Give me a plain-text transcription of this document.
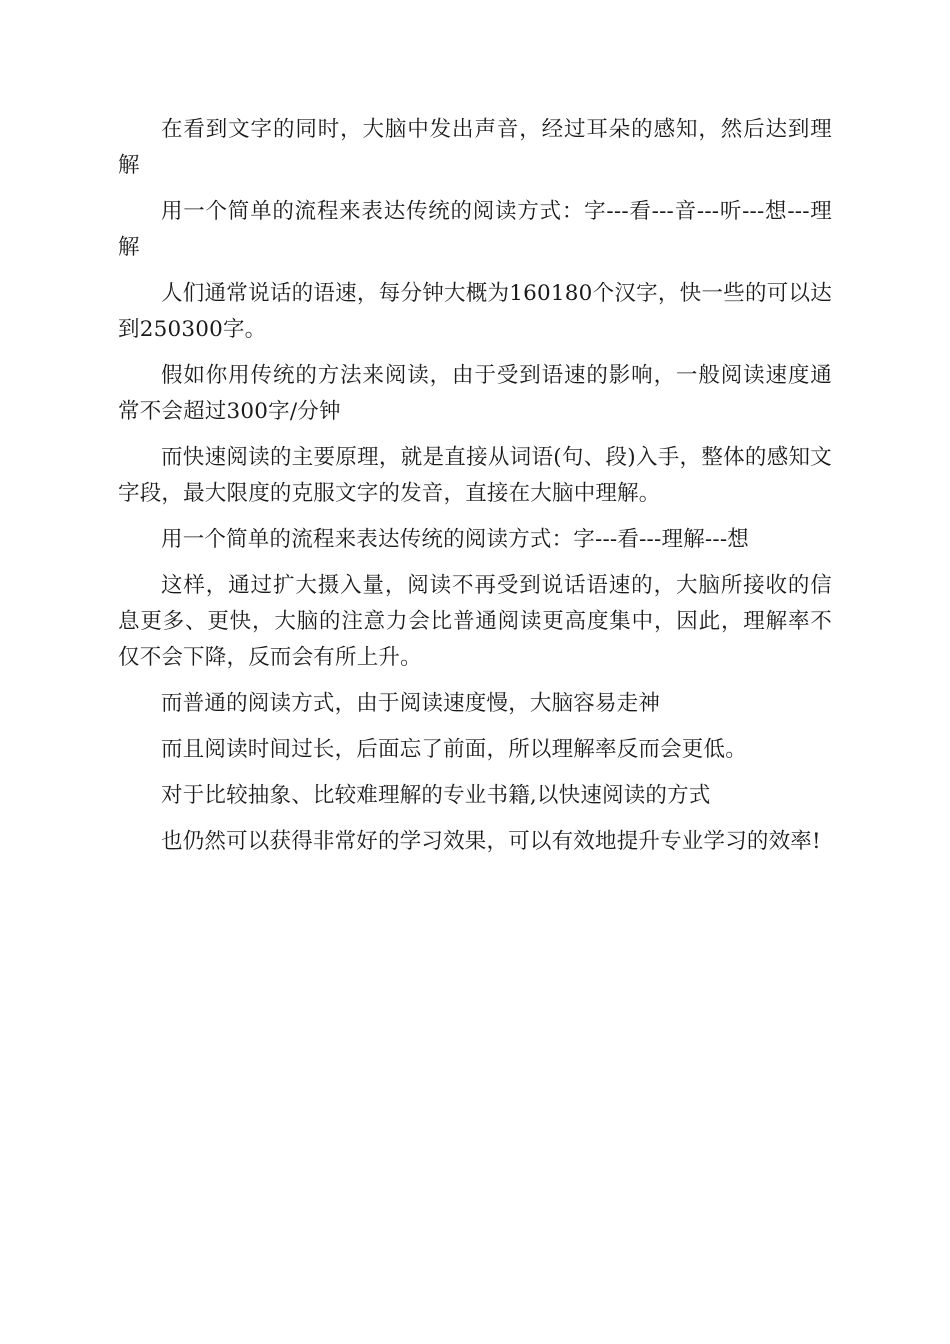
在看到文字的同时，大脑中发出声音，经过耳朵的感知，然后达到理解

用一个简单的流程来表达传统的阅读方式：字---看---音---听---想---理解

人们通常说话的语速，每分钟大概为160180个汉字，快一些的可以达到250300字。

假如你用传统的方法来阅读，由于受到语速的影响，一般阅读速度通常不会超过300字/分钟

而快速阅读的主要原理，就是直接从词语(句、段)入手，整体的感知文字段，最大限度的克服文字的发音，直接在大脑中理解。

用一个简单的流程来表达传统的阅读方式：字---看---理解---想

这样，通过扩大摄入量，阅读不再受到说话语速的，大脑所接收的信息更多、更快，大脑的注意力会比普通阅读更高度集中，因此，理解率不仅不会下降，反而会有所上升。

而普通的阅读方式，由于阅读速度慢，大脑容易走神

而且阅读时间过长，后面忘了前面，所以理解率反而会更低。

对于比较抽象、比较难理解的专业书籍,以快速阅读的方式

也仍然可以获得非常好的学习效果，可以有效地提升专业学习的效率!
